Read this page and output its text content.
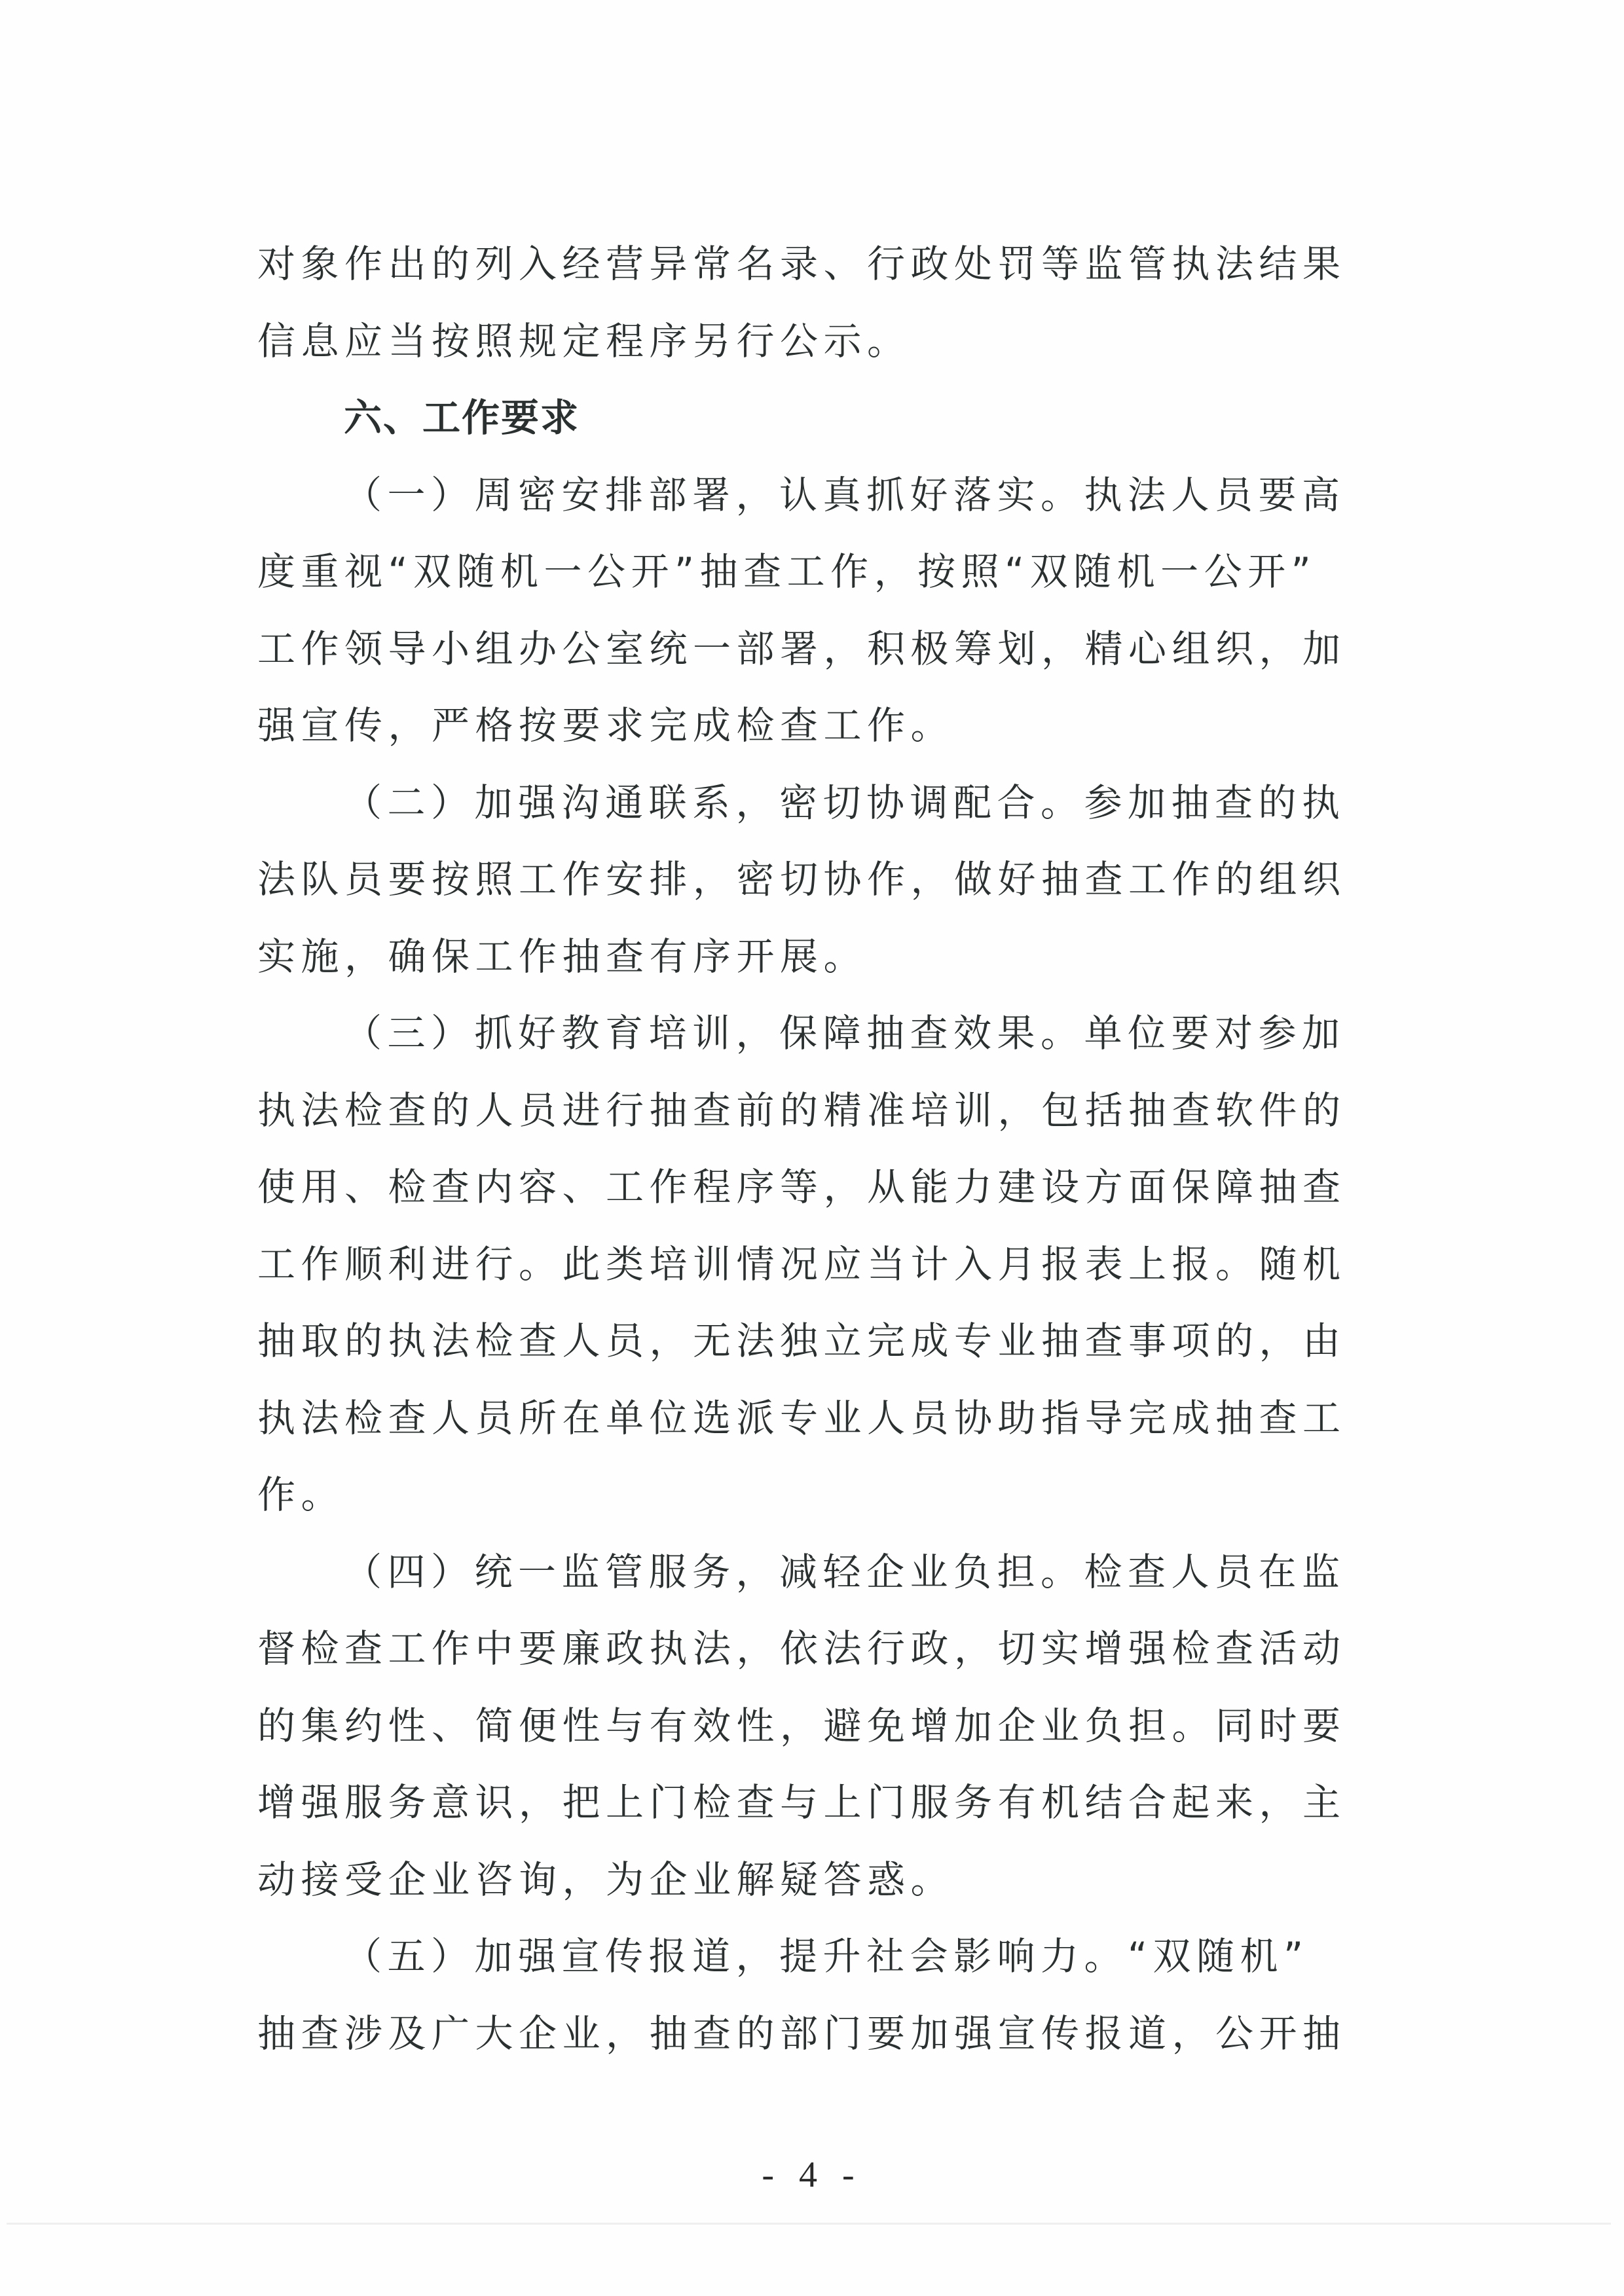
对象作出的列入经营异常名录、行政处罚等监管执法结果
信息应当按照规定程序另行公示。
六、工作要求
（一）周密安排部署，认真抓好落实。执法人员要高
度重视“双随机一公开”抽查工作，按照“双随机一公开”
工作领导小组办公室统一部署，积极筹划，精心组织，加
强宣传，严格按要求完成检查工作。
（二）加强沟通联系，密切协调配合。参加抽查的执
法队员要按照工作安排，密切协作，做好抽查工作的组织
实施，确保工作抽查有序开展。
（三）抓好教育培训，保障抽查效果。单位要对参加
执法检查的人员进行抽查前的精准培训，包括抽查软件的
使用、检查内容、工作程序等，从能力建设方面保障抽查
工作顺利进行。此类培训情况应当计入月报表上报。随机
抽取的执法检查人员，无法独立完成专业抽查事项的，由
执法检查人员所在单位选派专业人员协助指导完成抽查工
作。
（四）统一监管服务，减轻企业负担。检查人员在监
督检查工作中要廉政执法，依法行政，切实增强检查活动
的集约性、简便性与有效性，避免增加企业负担。同时要
增强服务意识，把上门检查与上门服务有机结合起来，主
动接受企业咨询，为企业解疑答惑。
（五）加强宣传报道，提升社会影响力。“双随机”
抽查涉及广大企业，抽查的部门要加强宣传报道，公开抽
- 4 -
